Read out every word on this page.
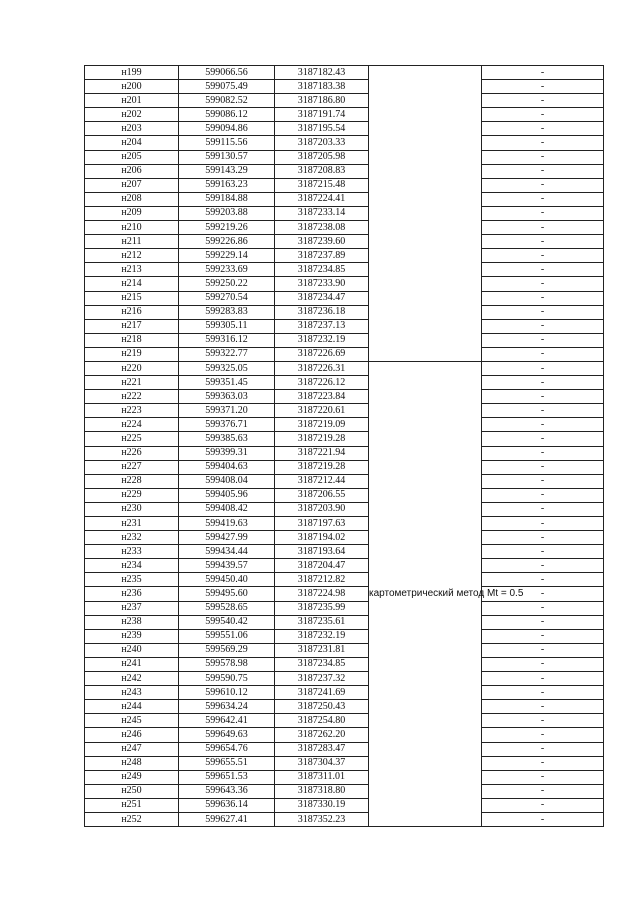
н199	599066.56	3187182.43		-
н200	599075.49	3187183.38		-
н201	599082.52	3187186.80		-
н202	599086.12	3187191.74		-
н203	599094.86	3187195.54		-
н204	599115.56	3187203.33		-
н205	599130.57	3187205.98		-
н206	599143.29	3187208.83		-
н207	599163.23	3187215.48		-
н208	599184.88	3187224.41		-
н209	599203.88	3187233.14		-
н210	599219.26	3187238.08		-
н211	599226.86	3187239.60		-
н212	599229.14	3187237.89		-
н213	599233.69	3187234.85		-
н214	599250.22	3187233.90		-
н215	599270.54	3187234.47		-
н216	599283.83	3187236.18		-
н217	599305.11	3187237.13		-
н218	599316.12	3187232.19		-
н219	599322.77	3187226.69		-
н220	599325.05	3187226.31	картометрический метод Mt = 0.5	-
н221	599351.45	3187226.12		-
н222	599363.03	3187223.84		-
н223	599371.20	3187220.61		-
н224	599376.71	3187219.09		-
н225	599385.63	3187219.28		-
н226	599399.31	3187221.94		-
н227	599404.63	3187219.28		-
н228	599408.04	3187212.44		-
н229	599405.96	3187206.55		-
н230	599408.42	3187203.90		-
н231	599419.63	3187197.63		-
н232	599427.99	3187194.02		-
н233	599434.44	3187193.64		-
н234	599439.57	3187204.47		-
н235	599450.40	3187212.82		-
н236	599495.60	3187224.98		-
н237	599528.65	3187235.99		-
н238	599540.42	3187235.61		-
н239	599551.06	3187232.19		-
н240	599569.29	3187231.81		-
н241	599578.98	3187234.85		-
н242	599590.75	3187237.32		-
н243	599610.12	3187241.69		-
н244	599634.24	3187250.43		-
н245	599642.41	3187254.80		-
н246	599649.63	3187262.20		-
н247	599654.76	3187283.47		-
н248	599655.51	3187304.37		-
н249	599651.53	3187311.01		-
н250	599643.36	3187318.80		-
н251	599636.14	3187330.19		-
н252	599627.41	3187352.23		-
